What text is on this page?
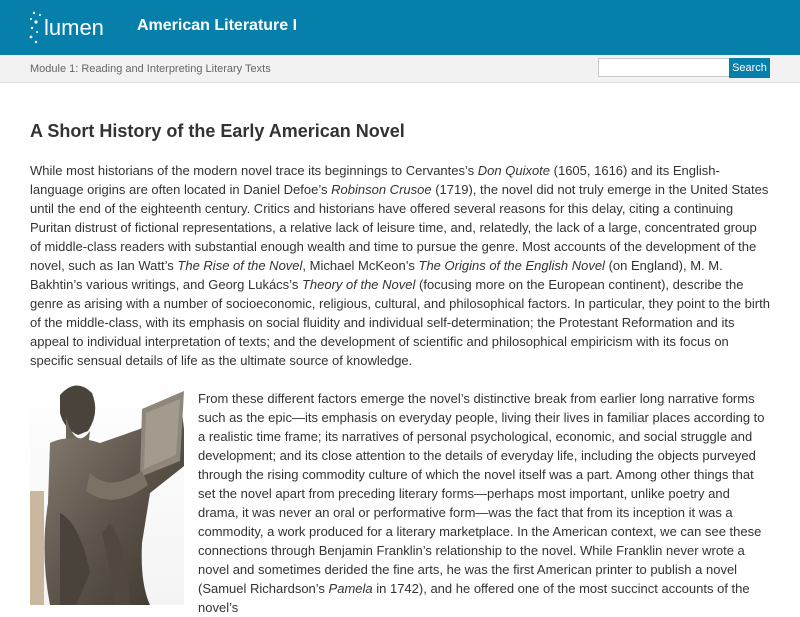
lumen American Literature I
Module 1: Reading and Interpreting Literary Texts	Search
A Short History of the Early American Novel

While most historians of the modern novel trace its beginnings to Cervantes’s Don Quixote (1605, 1616) and its English-language origins are often located in Daniel Defoe’s Robinson Crusoe (1719), the novel did not truly emerge in the United States until the end of the eighteenth century. Critics and historians have offered several reasons for this delay, citing a continuing Puritan distrust of fictional representations, a relative lack of leisure time, and, relatedly, the lack of a large, concentrated group of middle-class readers with substantial enough wealth and time to pursue the genre. Most accounts of the development of the novel, such as Ian Watt’s The Rise of the Novel, Michael McKeon’s The Origins of the English Novel (on England), M. M. Bakhtin’s various writings, and Georg Lukács’s Theory of the Novel (focusing more on the European continent), describe the genre as arising with a number of socioeconomic, religious, cultural, and philosophical factors. In particular, they point to the birth of the middle-class, with its emphasis on social fluidity and individual self-determination; the Protestant Reformation and its appeal to individual interpretation of texts; and the development of scientific and philosophical empiricism with its focus on specific sensual details of life as the ultimate source of knowledge.

From these different factors emerge the novel’s distinctive break from earlier long narrative forms such as the epic—its emphasis on everyday people, living their lives in familiar places according to a realistic time frame; its narratives of personal psychological, economic, and social struggle and development; and its close attention to the details of everyday life, including the objects purveyed through the rising commodity culture of which the novel itself was a part. Among other things that set the novel apart from preceding literary forms—perhaps most important, unlike poetry and drama, it was never an oral or performative form—was the fact that from its inception it was a commodity, a work produced for a literary marketplace. In the American context, we can see these connections through Benjamin Franklin’s relationship to the novel. While Franklin never wrote a novel and sometimes derided the fine arts, he was the first American printer to publish a novel (Samuel Richardson’s Pamela in 1742), and he offered one of the most succinct accounts of the novel’s
